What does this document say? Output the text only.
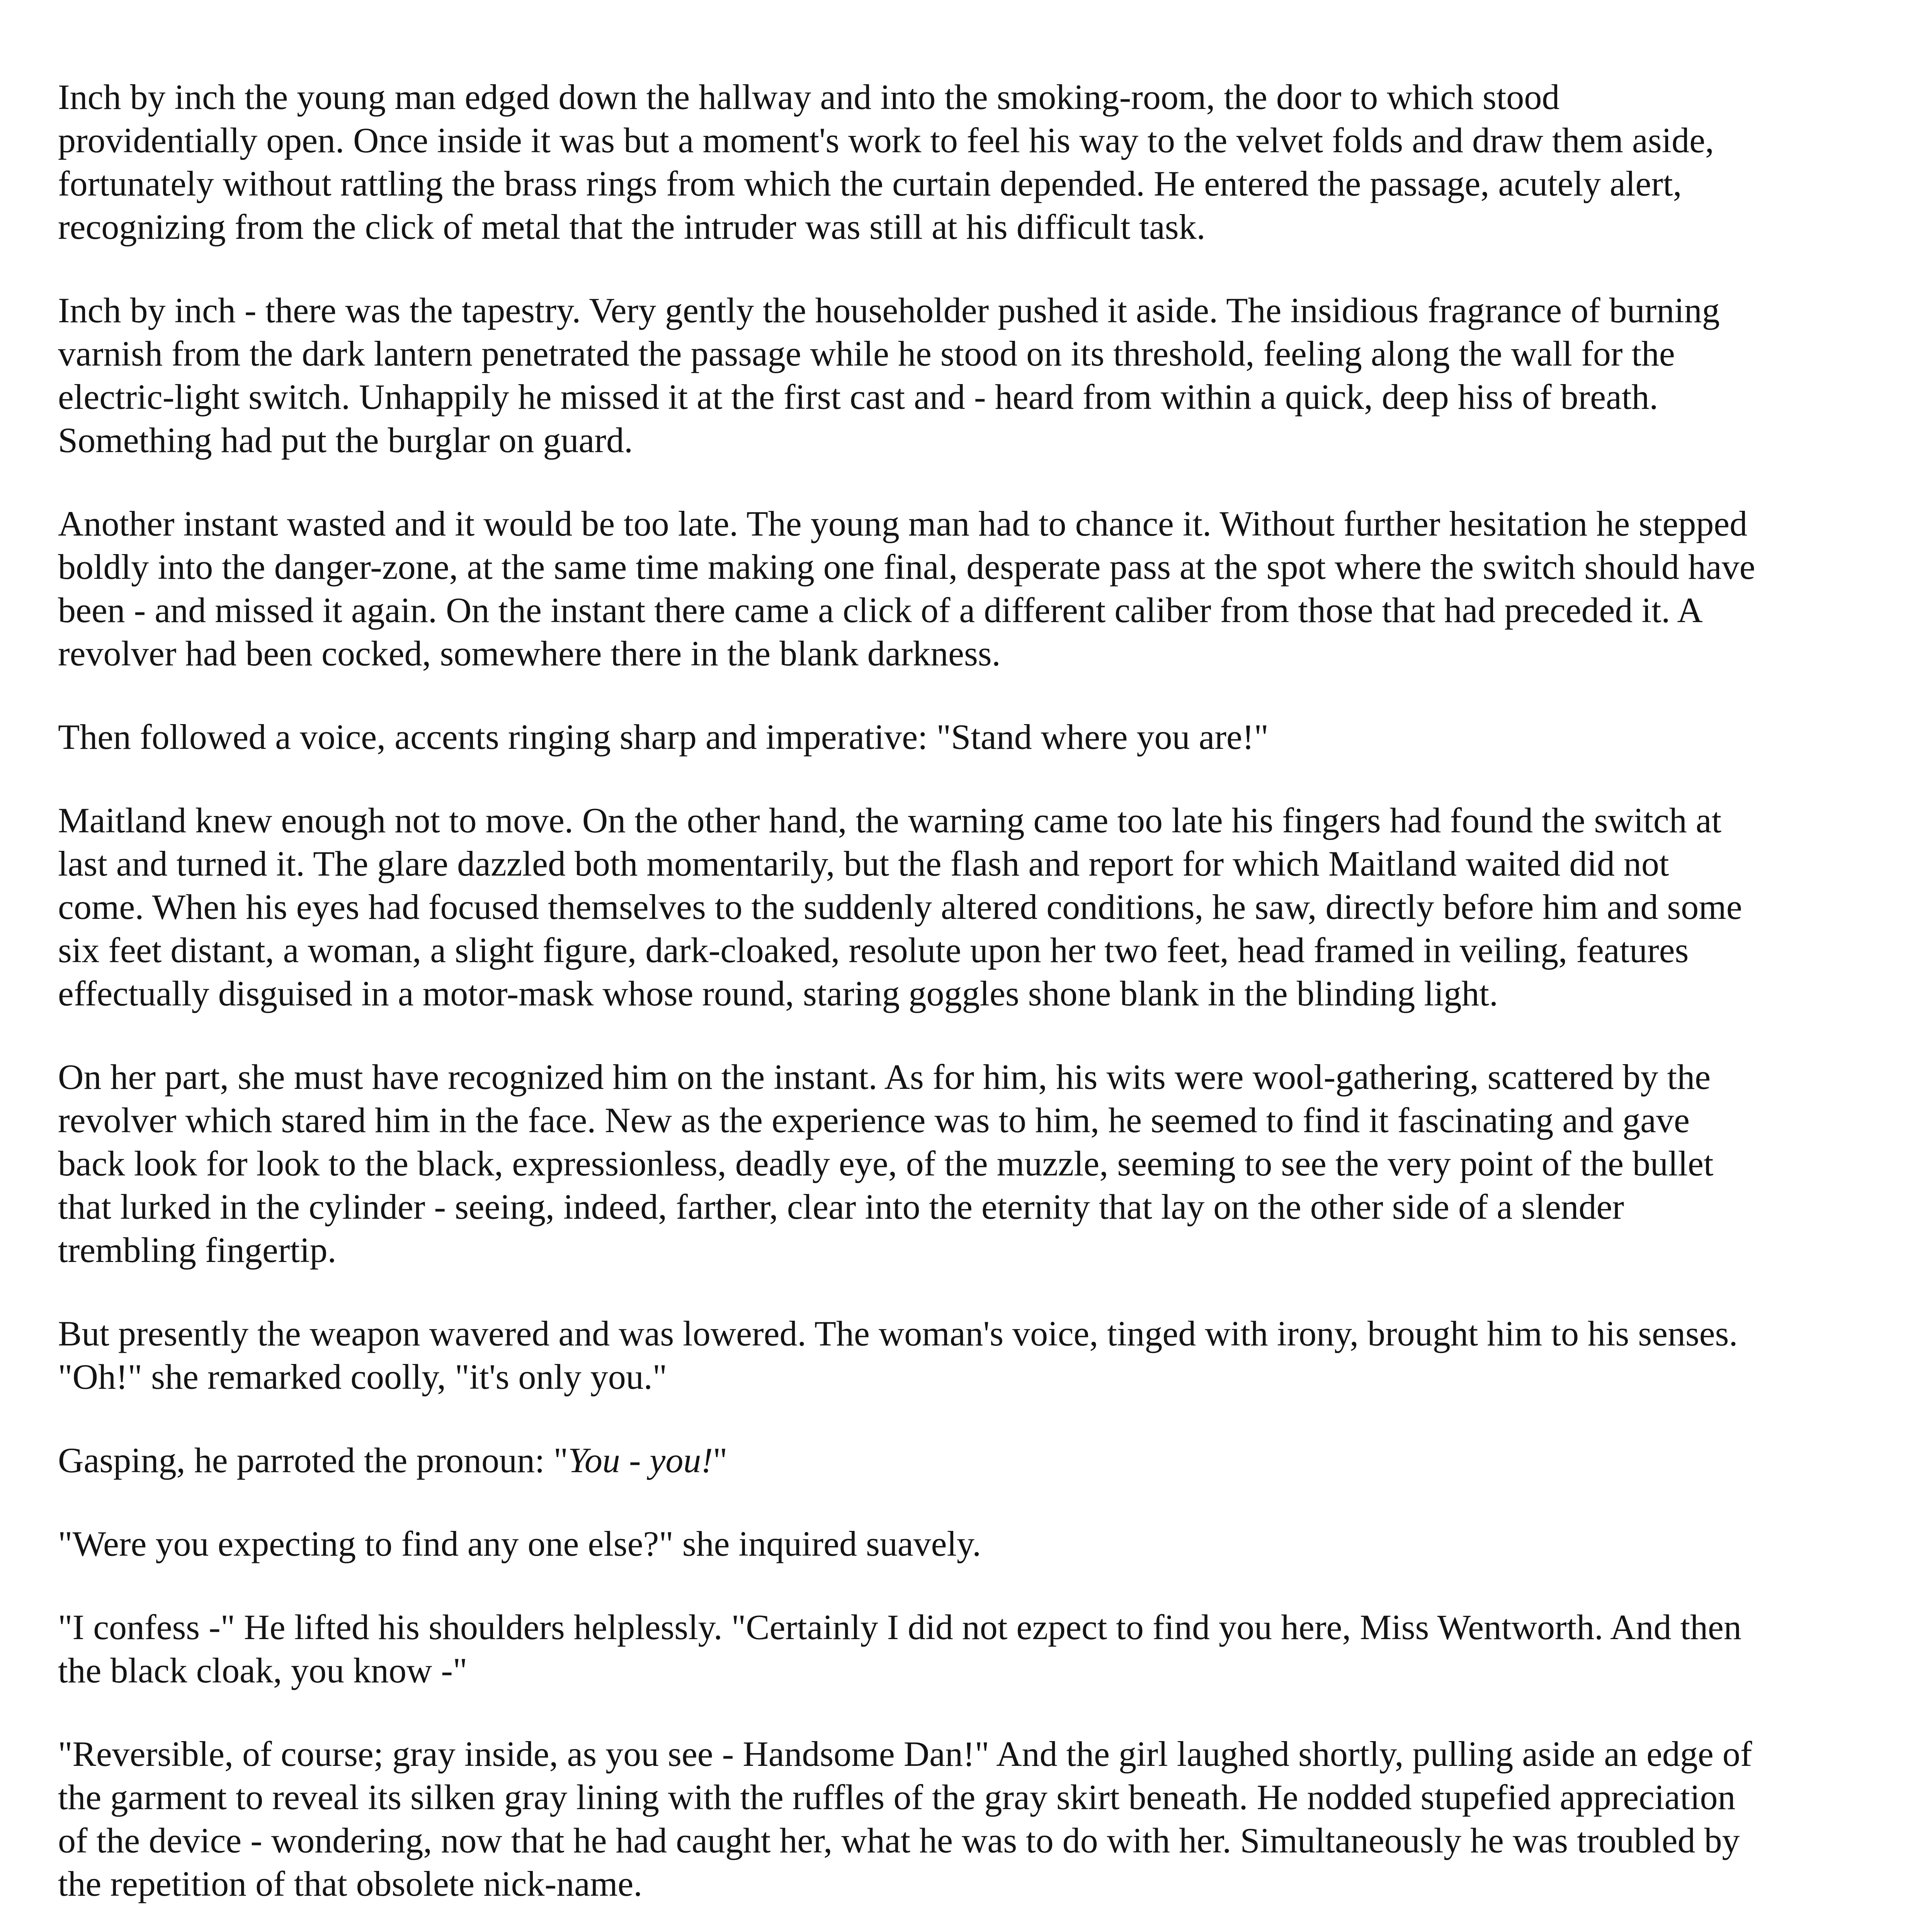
Inch by inch the young man edged down the hallway and into the smoking-room, the door to which stood
providentially open. Once inside it was but a moment's work to feel his way to the velvet folds and draw them aside,
fortunately without rattling the brass rings from which the curtain depended. He entered the passage, acutely alert,
recognizing from the click of metal that the intruder was still at his difficult task.

Inch by inch - there was the tapestry. Very gently the householder pushed it aside. The insidious fragrance of burning
varnish from the dark lantern penetrated the passage while he stood on its threshold, feeling along the wall for the
electric-light switch. Unhappily he missed it at the first cast and - heard from within a quick, deep hiss of breath.
Something had put the burglar on guard.

Another instant wasted and it would be too late. The young man had to chance it. Without further hesitation he stepped
boldly into the danger-zone, at the same time making one final, desperate pass at the spot where the switch should have
been - and missed it again. On the instant there came a click of a different caliber from those that had preceded it. A
revolver had been cocked, somewhere there in the blank darkness.

Then followed a voice, accents ringing sharp and imperative: "Stand where you are!"

Maitland knew enough not to move. On the other hand, the warning came too late his fingers had found the switch at
last and turned it. The glare dazzled both momentarily, but the flash and report for which Maitland waited did not
come. When his eyes had focused themselves to the suddenly altered conditions, he saw, directly before him and some
six feet distant, a woman, a slight figure, dark-cloaked, resolute upon her two feet, head framed in veiling, features
effectually disguised in a motor-mask whose round, staring goggles shone blank in the blinding light.

On her part, she must have recognized him on the instant. As for him, his wits were wool-gathering, scattered by the
revolver which stared him in the face. New as the experience was to him, he seemed to find it fascinating and gave
back look for look to the black, expressionless, deadly eye, of the muzzle, seeming to see the very point of the bullet
that lurked in the cylinder - seeing, indeed, farther, clear into the eternity that lay on the other side of a slender
trembling fingertip.

But presently the weapon wavered and was lowered. The woman's voice, tinged with irony, brought him to his senses.
"Oh!" she remarked coolly, "it's only you."

Gasping, he parroted the pronoun: "You - you!"

"Were you expecting to find any one else?" she inquired suavely.

"I confess -" He lifted his shoulders helplessly. "Certainly I did not ezpect to find you here, Miss Wentworth. And then
the black cloak, you know -"

"Reversible, of course; gray inside, as you see - Handsome Dan!" And the girl laughed shortly, pulling aside an edge of
the garment to reveal its silken gray lining with the ruffles of the gray skirt beneath. He nodded stupefied appreciation
of the device - wondering, now that he had caught her, what he was to do with her. Simultaneously he was troubled by
the repetition of that obsolete nick-name.
